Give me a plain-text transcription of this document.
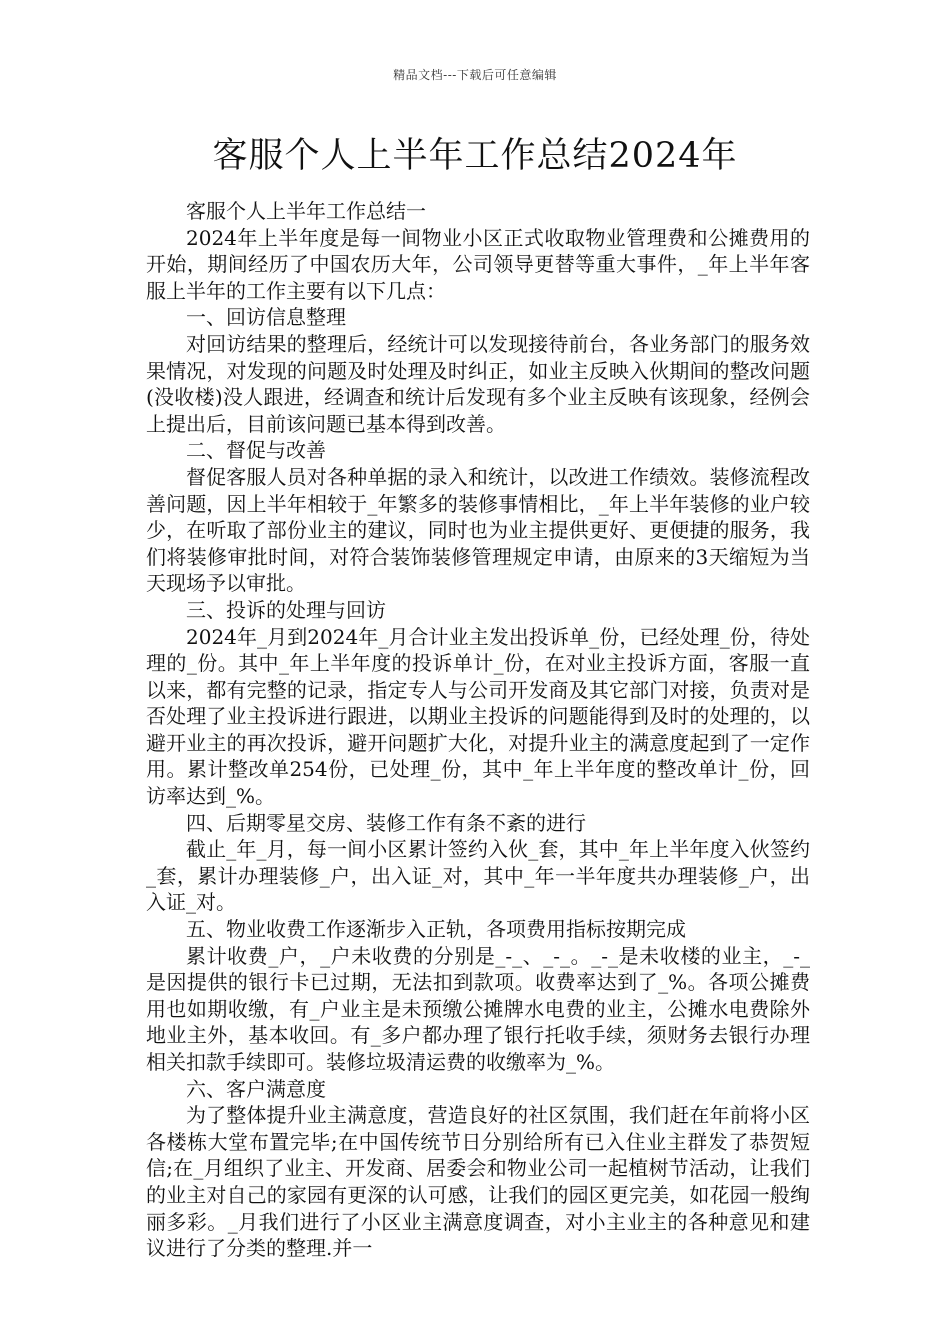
精品文档---下载后可任意编辑
客服个人上半年工作总结2024年

客服个人上半年工作总结一

2024年上半年度是每一间物业小区正式收取物业管理费和公摊费用的开始，期间经历了中国农历大年，公司领导更替等重大事件，_年上半年客服上半年的工作主要有以下几点：

一、回访信息整理

对回访结果的整理后，经统计可以发现接待前台，各业务部门的服务效果情况，对发现的问题及时处理及时纠正，如业主反映入伙期间的整改问题(没收楼)没人跟进，经调查和统计后发现有多个业主反映有该现象，经例会上提出后，目前该问题已基本得到改善。

二、督促与改善

督促客服人员对各种单据的录入和统计，以改进工作绩效。装修流程改善问题，因上半年相较于_年繁多的装修事情相比，_年上半年装修的业户较少，在听取了部份业主的建议，同时也为业主提供更好、更便捷的服务，我们将装修审批时间，对符合装饰装修管理规定申请，由原来的3天缩短为当天现场予以审批。

三、投诉的处理与回访

2024年_月到2024年_月合计业主发出投诉单_份，已经处理_份，待处理的_份。其中_年上半年度的投诉单计_份，在对业主投诉方面，客服一直以来，都有完整的记录，指定专人与公司开发商及其它部门对接，负责对是否处理了业主投诉进行跟进，以期业主投诉的问题能得到及时的处理的，以避开业主的再次投诉，避开问题扩大化，对提升业主的满意度起到了一定作用。累计整改单254份，已处理_份，其中_年上半年度的整改单计_份，回访率达到_%。

四、后期零星交房、装修工作有条不紊的进行

截止_年_月，每一间小区累计签约入伙_套，其中_年上半年度入伙签约_套，累计办理装修_户，出入证_对，其中_年一半年度共办理装修_户，出入证_对。

五、物业收费工作逐渐步入正轨，各项费用指标按期完成

累计收费_户，_户未收费的分别是_-_、_-_。_-_是未收楼的业主，_-_是因提供的银行卡已过期，无法扣到款项。收费率达到了_%。各项公摊费用也如期收缴，有_户业主是未预缴公摊牌水电费的业主，公摊水电费除外地业主外，基本收回。有_多户都办理了银行托收手续，须财务去银行办理相关扣款手续即可。装修垃圾清运费的收缴率为_%。

六、客户满意度

为了整体提升业主满意度，营造良好的社区氛围，我们赶在年前将小区各楼栋大堂布置完毕;在中国传统节日分别给所有已入住业主群发了恭贺短信;在_月组织了业主、开发商、居委会和物业公司一起植树节活动，让我们的业主对自己的家园有更深的认可感，让我们的园区更完美，如花园一般绚丽多彩。_月我们进行了小区业主满意度调查，对小主业主的各种意见和建议进行了分类的整理.并一
